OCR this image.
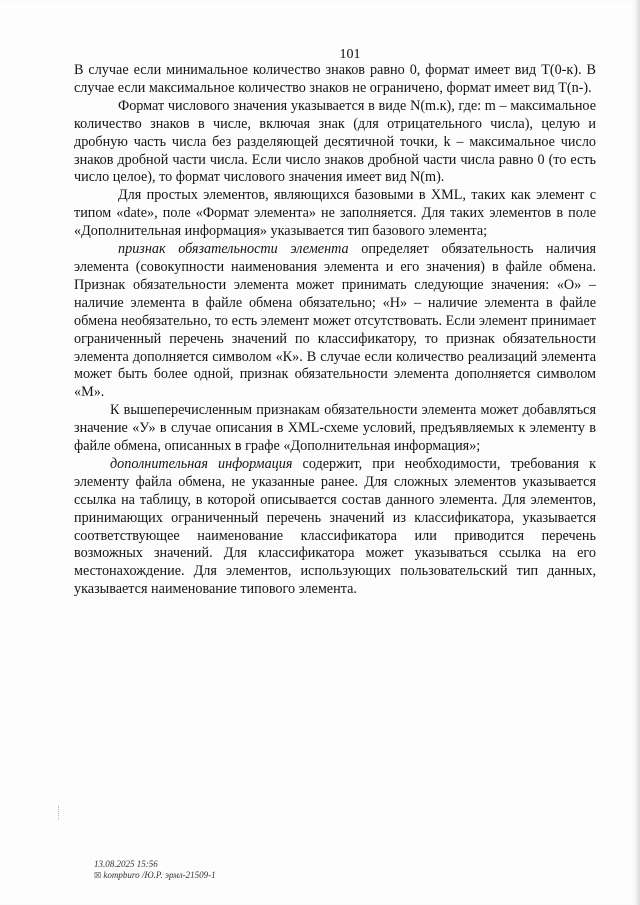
101

В случае если минимальное количество знаков равно 0, формат имеет вид T(0-к). В случае если максимальное количество знаков не ограничено, формат имеет вид T(n-).

Формат числового значения указывается в виде N(m.к), где: m – максимальное количество знаков в числе, включая знак (для отрицательного числа), целую и дробную часть числа без разделяющей десятичной точки, k – максимальное число знаков дробной части числа. Если число знаков дробной части числа равно 0 (то есть число целое), то формат числового значения имеет вид N(m).

Для простых элементов, являющихся базовыми в XML, таких как элемент с типом «date», поле «Формат элемента» не заполняется. Для таких элементов в поле «Дополнительная информация» указывается тип базового элемента;

признак обязательности элемента определяет обязательность наличия элемента (совокупности наименования элемента и его значения) в файле обмена. Признак обязательности элемента может принимать следующие значения: «О» – наличие элемента в файле обмена обязательно; «Н» – наличие элемента в файле обмена необязательно, то есть элемент может отсутствовать. Если элемент принимает ограниченный перечень значений по классификатору, то признак обязательности элемента дополняется символом «К». В случае если количество реализаций элемента может быть более одной, признак обязательности элемента дополняется символом «М».

К вышеперечисленным признакам обязательности элемента может добавляться значение «У» в случае описания в XML-схеме условий, предъявляемых к элементу в файле обмена, описанных в графе «Дополнительная информация»;

дополнительная информация содержит, при необходимости, требования к элементу файла обмена, не указанные ранее. Для сложных элементов указывается ссылка на таблицу, в которой описывается состав данного элемента. Для элементов, принимающих ограниченный перечень значений из классификатора, указывается соответствующее наименование классификатора или приводится перечень возможных значений. Для классификатора может указываться ссылка на его местонахождение. Для элементов, использующих пользовательский тип данных, указывается наименование типового элемента.

13.08.2025 15:56
☒ kompburo /Ю.Р. эрмл-21509-1
